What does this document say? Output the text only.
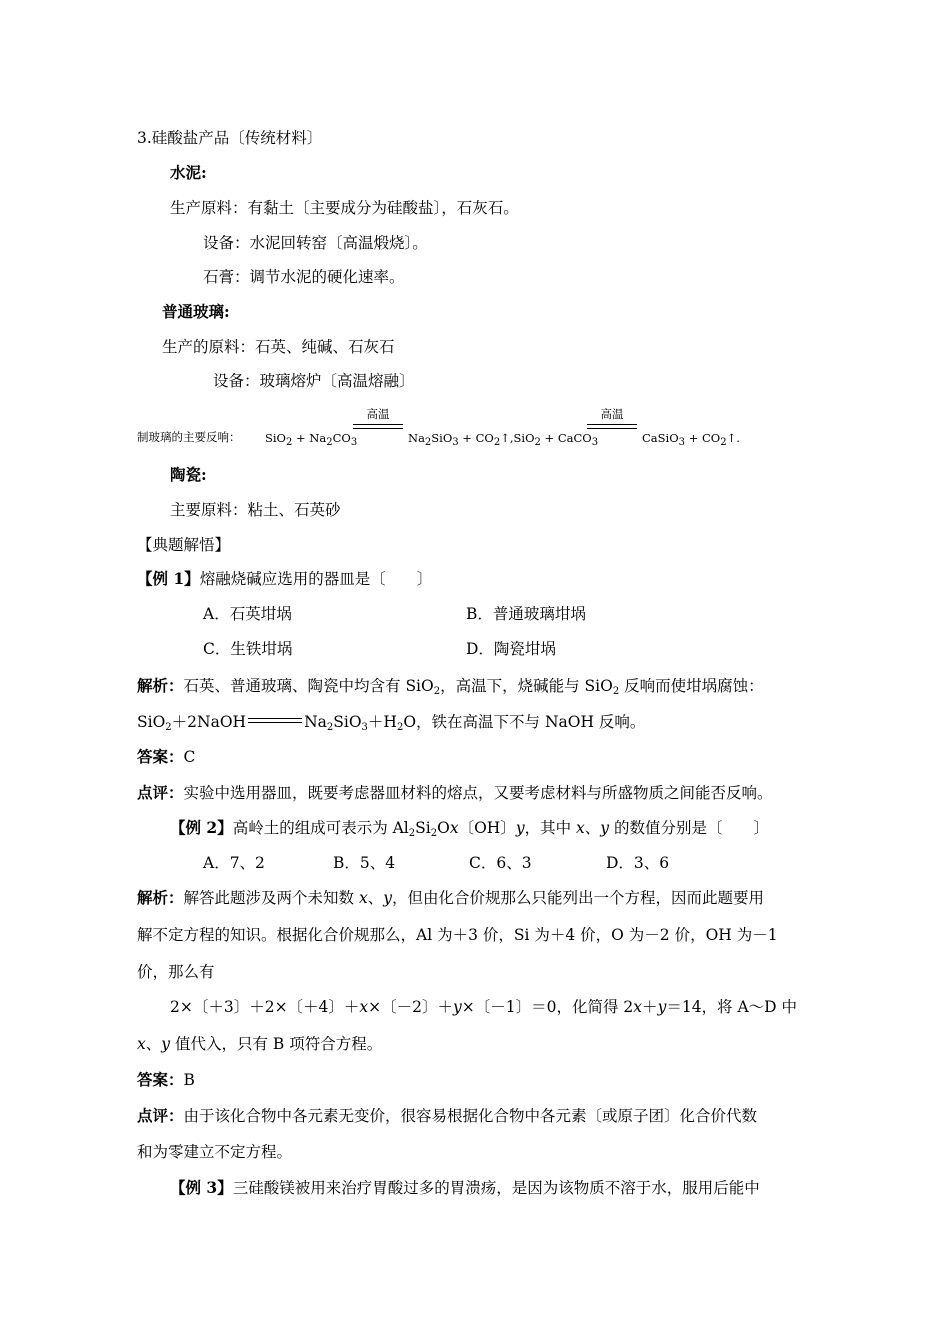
3.硅酸盐产品〔传统材料〕
水泥:
生产原料：有黏土〔主要成分为硅酸盐〕，石灰石。
设备：水泥回转窑〔高温煅烧〕。
石膏：调节水泥的硬化速率。
普通玻璃:
生产的原料：石英、纯碱、石灰石
设备：玻璃熔炉〔高温熔融〕
制玻璃的主要反响： SiO2 + Na2CO3
高温
Na2SiO3 + CO2↑,SiO2 + CaCO3
高温
CaSiO3 + CO2↑.
陶瓷:
主要原料：粘土、石英砂
【典题解悟】
【例 1】熔融烧碱应选用的器皿是〔　　〕
A．石英坩埚	B．普通玻璃坩埚
C．生铁坩埚	D．陶瓷坩埚
解析：石英、普通玻璃、陶瓷中均含有 SiO$_2$，高温下，烧碱能与 SiO$_2$ 反响而使坩埚腐蚀：
SiO$_2$＋2NaOH	$Na_2SiO_3+H_2O$，铁在高温下不与 NaOH 反响。
答案：C
点评：实验中选用器皿，既要考虑器皿材料的熔点，又要考虑材料与所盛物质之间能否反响。
【例 2】高岭土的组成可表示为 $Al_2Si_2Ox$〔OH〕y，其中 x、y 的数值分别是〔　　〕
A．7、2	B．5、4	C．6、3	D．3、6
解析：解答此题涉及两个未知数 x、y，但由化合价规那么只能列出一个方程，因而此题要用
解不定方程的知识。根据化合价规那么，Al 为＋3 价，Si 为＋4 价，O 为－2 价，OH 为－1
价，那么有
2×〔＋3〕＋2×〔＋4〕＋x×〔－2〕＋y×〔－1〕＝0，化简得 2x＋y＝14，将 A～D 中
x、y 值代入，只有 B 项符合方程。
答案：B
点评：由于该化合物中各元素无变价，很容易根据化合物中各元素〔或原子团〕化合价代数
和为零建立不定方程。
【例 3】三硅酸镁被用来治疗胃酸过多的胃溃疡，是因为该物质不溶于水，服用后能中
